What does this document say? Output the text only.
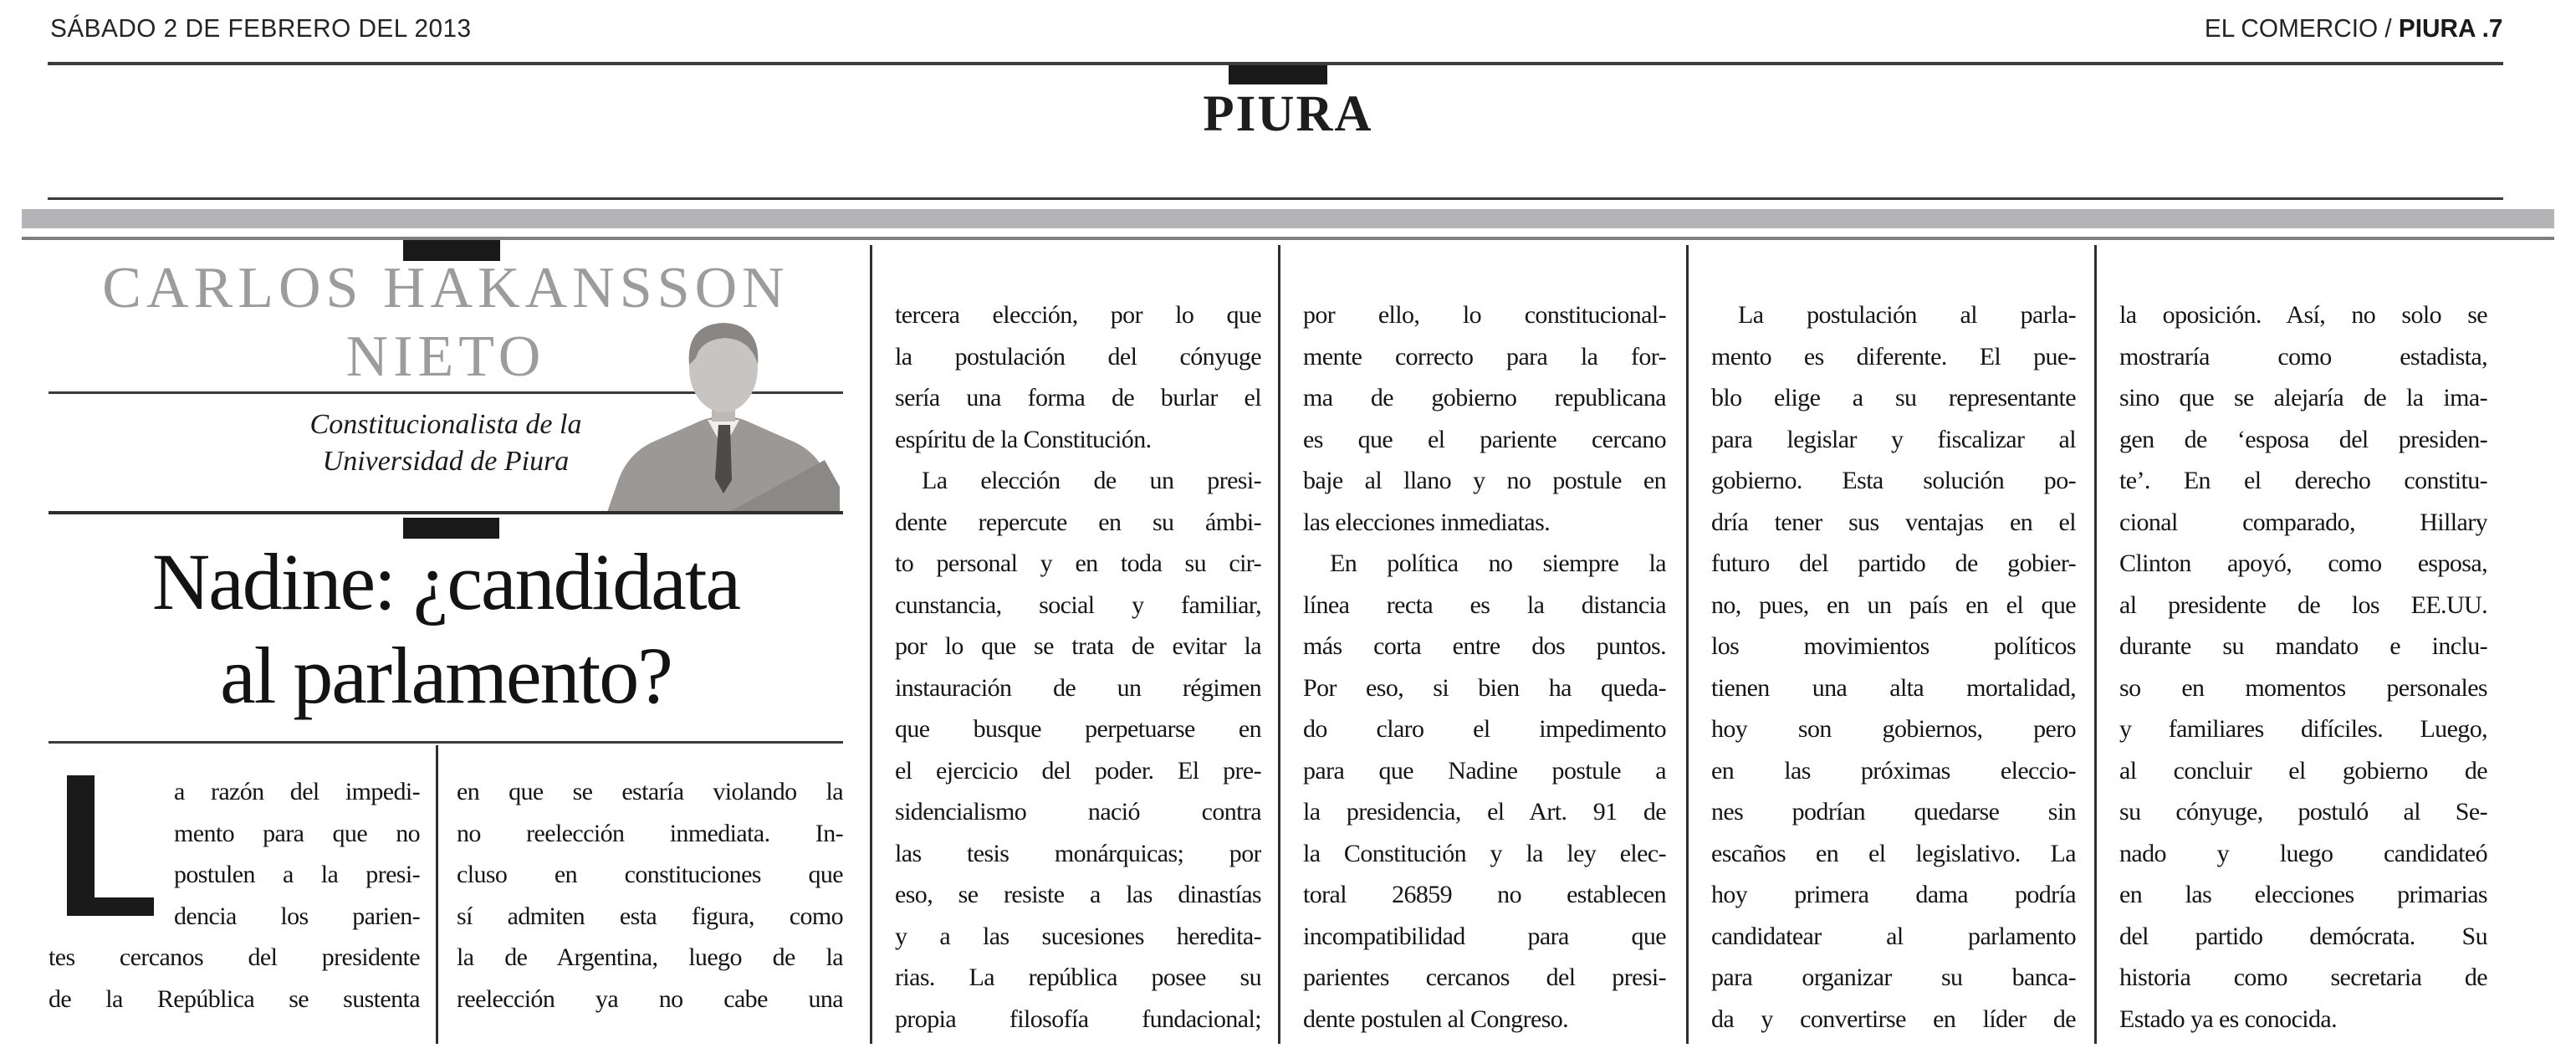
SÁBADO 2 DE FEBRERO DEL 2013	EL COMERCIO / PIURA .7
PIURA
CARLOS HAKANSSON
NIETO
Constitucionalista de la
Universidad de Piura
Nadine: ¿candidata
al parlamento?
a razón del impedi-
mento para que no
postulen a la presi-
dencia los parien-
tes cercanos del presidente
de la República se sustenta
en que se estaría violando la
no reelección inmediata. In-
cluso en constituciones que
sí admiten esta figura, como
la de Argentina, luego de la
reelección ya no cabe una
tercera elección, por lo que
la postulación del cónyuge
sería una forma de burlar el
espíritu de la Constitución.
La elección de un presi-
dente repercute en su ámbi-
to personal y en toda su cir-
cunstancia, social y familiar,
por lo que se trata de evitar la
instauración de un régimen
que busque perpetuarse en
el ejercicio del poder. El pre-
sidencialismo nació contra
las tesis monárquicas; por
eso, se resiste a las dinastías
y a las sucesiones heredita-
rias. La república posee su
propia filosofía fundacional;
por ello, lo constitucional-
mente correcto para la for-
ma de gobierno republicana
es que el pariente cercano
baje al llano y no postule en
las elecciones inmediatas.
En política no siempre la
línea recta es la distancia
más corta entre dos puntos.
Por eso, si bien ha queda-
do claro el impedimento
para que Nadine postule a
la presidencia, el Art. 91 de
la Constitución y la ley elec-
toral 26859 no establecen
incompatibilidad para que
parientes cercanos del presi-
dente postulen al Congreso.
La postulación al parla-
mento es diferente. El pue-
blo elige a su representante
para legislar y fiscalizar al
gobierno. Esta solución po-
dría tener sus ventajas en el
futuro del partido de gobier-
no, pues, en un país en el que
los movimientos políticos
tienen una alta mortalidad,
hoy son gobiernos, pero
en las próximas eleccio-
nes podrían quedarse sin
escaños en el legislativo. La
hoy primera dama podría
candidatear al parlamento
para organizar su banca-
da y convertirse en líder de
la oposición. Así, no solo se
mostraría como estadista,
sino que se alejaría de la ima-
gen de ‘esposa del presiden-
te’. En el derecho constitu-
cional comparado, Hillary
Clinton apoyó, como esposa,
al presidente de los EE.UU.
durante su mandato e inclu-
so en momentos personales
y familiares difíciles. Luego,
al concluir el gobierno de
su cónyuge, postuló al Se-
nado y luego candidateó
en las elecciones primarias
del partido demócrata. Su
historia como secretaria de
Estado ya es conocida.
